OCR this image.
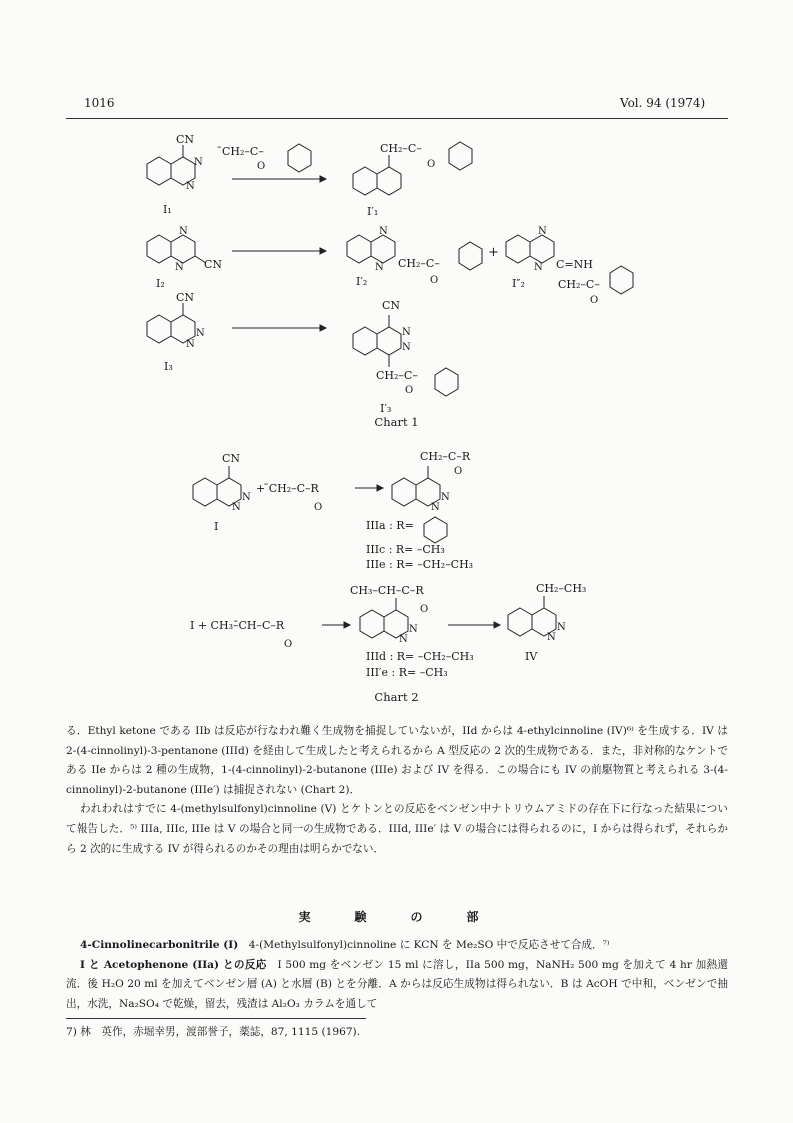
1016	Vol. 94 (1974)
CN
N
N
I₁
̄CH₂–C–
O
CH₂–C–
O
I′₁
N
N CN
I₂
N
N CH₂–C–
O
I′₂
+
N
N C=NH
CH₂–C–
O
I″₂
CN
N
N
I₃
CN
N
N
CH₂–C–
O
I′₃
Chart 1
CN
N
N
I
+ ̄CH₂–C–R
O
CH₂–C–R
O
N
N
IIIa : R=
IIIc : R= –CH₃
IIIe : R= –CH₂–CH₃
I + CH₃–̄CH–C–R
O
CH₃–CH–C–R
O
N
N
IIId : R= –CH₂–CH₃
III′e : R= –CH₃
CH₂–CH₃
N
N
IV
Chart 2

る．Ethyl ketone である IIb は反応が行なわれ難く生成物を捕捉していないが，IId からは 4-ethylcinnoline (IV)⁶⁾ を生成する．IV は 2-(4-cinnolinyl)-3-pentanone (IIId) を経由して生成したと考えられるから A 型反応の 2 次的生成物である．また，非対称的なケントである IIe からは 2 種の生成物，1-(4-cinnolinyl)-2-butanone (IIIe) および IV を得る．この場合にも IV の前駆物質と考えられる 3-(4-cinnolinyl)-2-butanone (IIIe′) は捕捉されない (Chart 2)．

われわれはすでに 4-(methylsulfonyl)cinnoline (V) とケトンとの反応をベンゼン中ナトリウムアミドの存在下に行なった結果について報告した．⁵⁾ IIIa, IIIc, IIIe は V の場合と同一の生成物である．IIId, IIIe′ は V の場合には得られるのに，I からは得られず，それらから 2 次的に生成する IV が得られるのかその理由は明らかでない．

実　験　の　部

4-Cinnolinecarbonitrile (I)　4-(Methylsulfonyl)cinnoline に KCN を Me₂SO 中で反応させて合成．⁷⁾

I と Acetophenone (IIa) との反応　I 500 mg をベンゼン 15 ml に溶し，IIa 500 mg，NaNH₂ 500 mg を加えて 4 hr 加熱還流．後 H₂O 20 ml を加えてベンゼン層 (A) と水層 (B) とを分離．A からは反応生成物は得られない．B は AcOH で中和，ベンゼンで抽出，水洗，Na₂SO₄ で乾燥，留去，残渣は Al₂O₃ カラムを通して

7) 林　英作，赤堀幸男，渡部誉子，薬誌，87, 1115 (1967).
